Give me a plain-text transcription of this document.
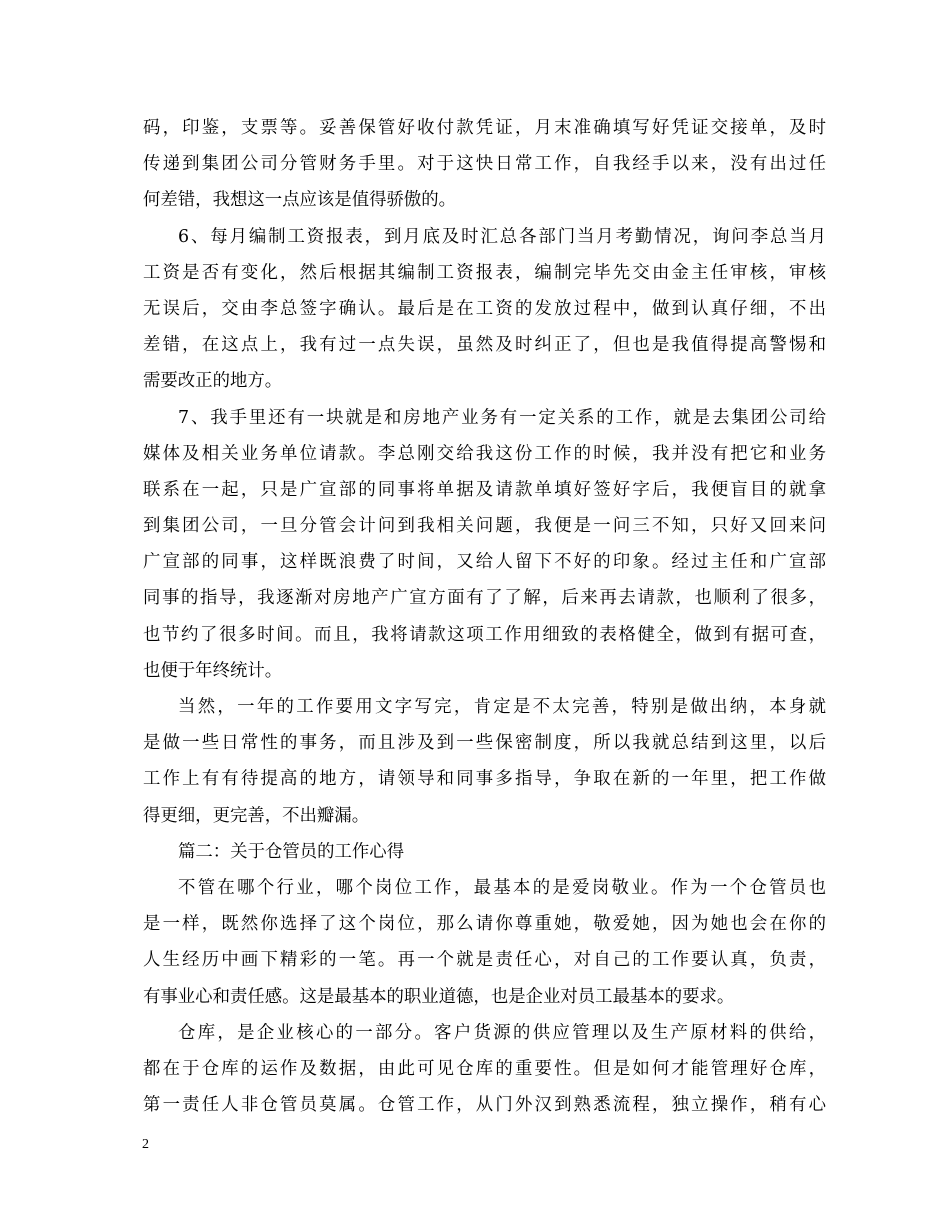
码，印鉴，支票等。妥善保管好收付款凭证，月末准确填写好凭证交接单，及时
传递到集团公司分管财务手里。对于这快日常工作，自我经手以来，没有出过任
何差错，我想这一点应该是值得骄傲的。
6、每月编制工资报表，到月底及时汇总各部门当月考勤情况，询问李总当月
工资是否有变化，然后根据其编制工资报表，编制完毕先交由金主任审核，审核
无误后，交由李总签字确认。最后是在工资的发放过程中，做到认真仔细，不出
差错，在这点上，我有过一点失误，虽然及时纠正了，但也是我值得提高警惕和
需要改正的地方。
7、我手里还有一块就是和房地产业务有一定关系的工作，就是去集团公司给
媒体及相关业务单位请款。李总刚交给我这份工作的时候，我并没有把它和业务
联系在一起，只是广宣部的同事将单据及请款单填好签好字后，我便盲目的就拿
到集团公司，一旦分管会计问到我相关问题，我便是一问三不知，只好又回来问
广宣部的同事，这样既浪费了时间，又给人留下不好的印象。经过主任和广宣部
同事的指导，我逐渐对房地产广宣方面有了了解，后来再去请款，也顺利了很多，
也节约了很多时间。而且，我将请款这项工作用细致的表格健全，做到有据可查，
也便于年终统计。
当然，一年的工作要用文字写完，肯定是不太完善，特别是做出纳，本身就
是做一些日常性的事务，而且涉及到一些保密制度，所以我就总结到这里，以后
工作上有有待提高的地方，请领导和同事多指导，争取在新的一年里，把工作做
得更细，更完善，不出瓣漏。
篇二：关于仓管员的工作心得
不管在哪个行业，哪个岗位工作，最基本的是爱岗敬业。作为一个仓管员也
是一样，既然你选择了这个岗位，那么请你尊重她，敬爱她，因为她也会在你的
人生经历中画下精彩的一笔。再一个就是责任心，对自己的工作要认真，负责，
有事业心和责任感。这是最基本的职业道德，也是企业对员工最基本的要求。
仓库，是企业核心的一部分。客户货源的供应管理以及生产原材料的供给，
都在于仓库的运作及数据，由此可见仓库的重要性。但是如何才能管理好仓库，
第一责任人非仓管员莫属。仓管工作，从门外汉到熟悉流程，独立操作，稍有心
2
